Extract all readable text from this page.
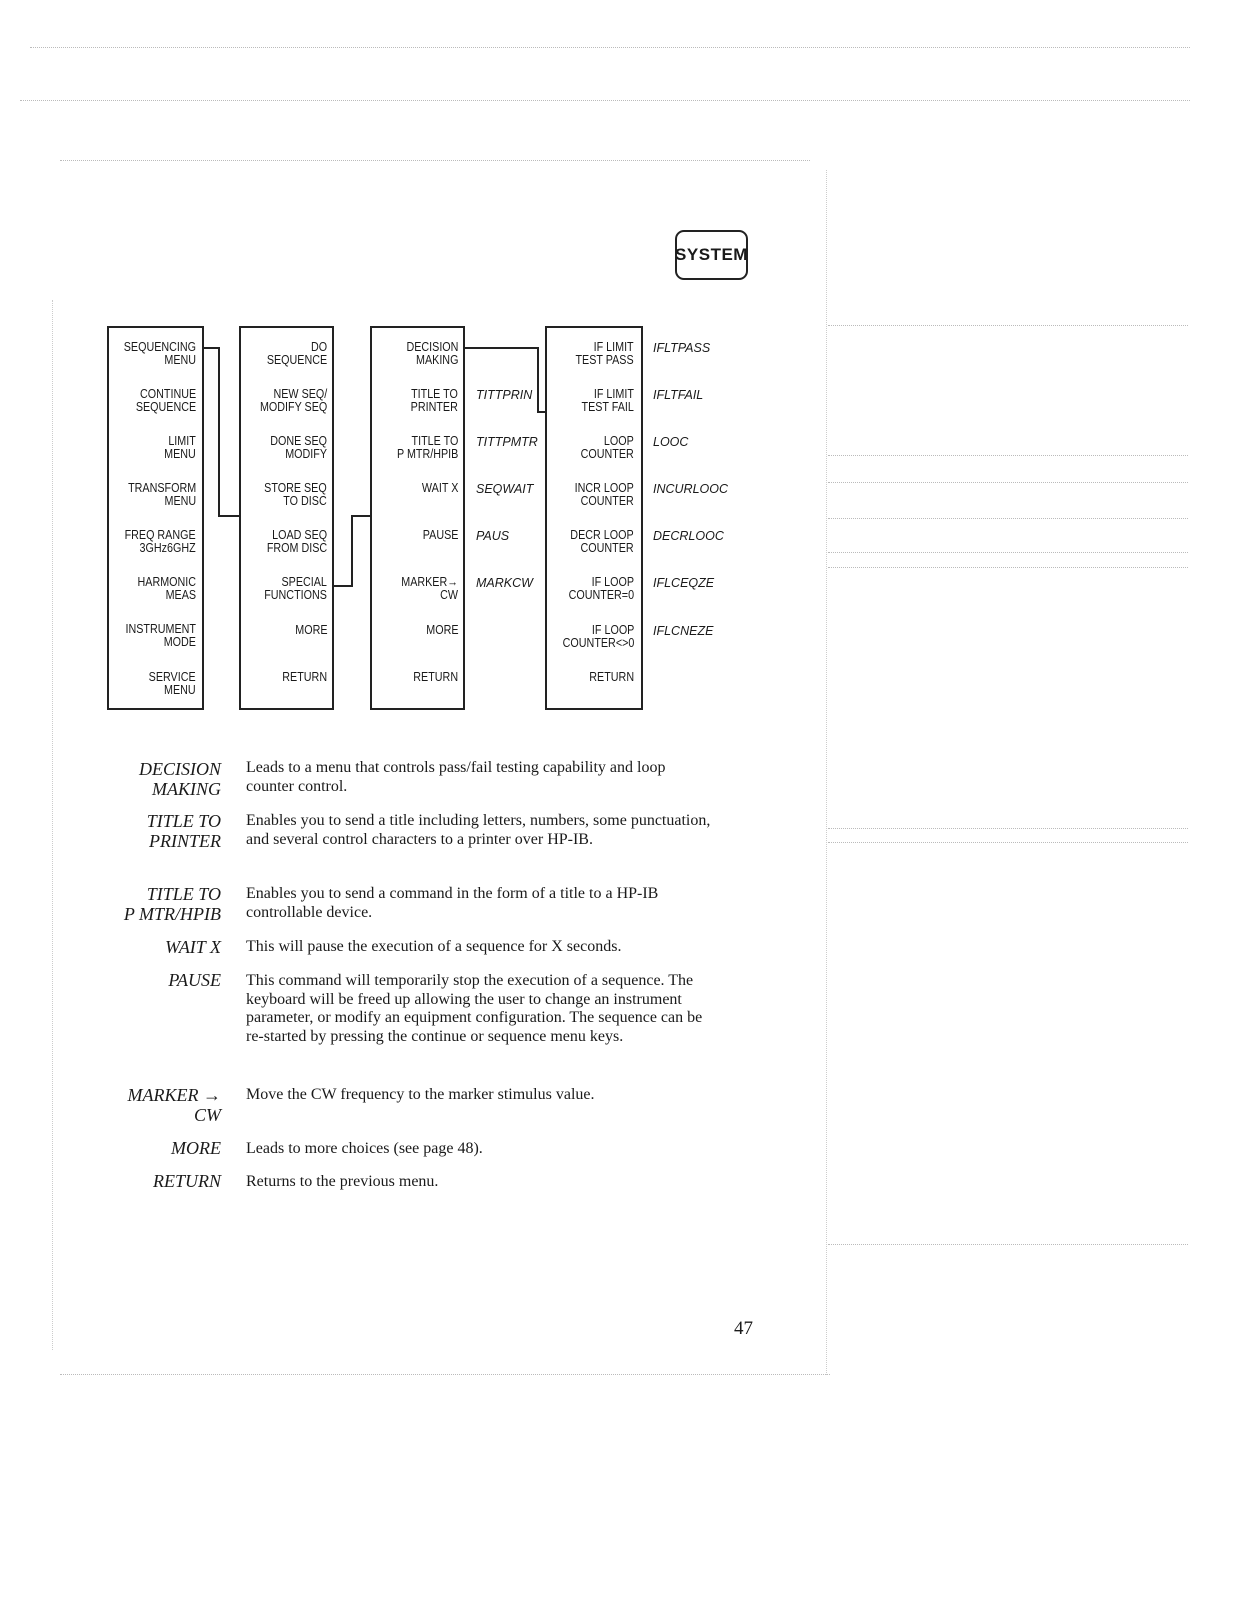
SYSTEM
SEQUENCING
MENU
CONTINUE
SEQUENCE
LIMIT
MENU
TRANSFORM
MENU
FREQ RANGE
3GHz6GHZ
HARMONIC
MEAS
INSTRUMENT
MODE
SERVICE
MENU
DO
SEQUENCE
NEW SEQ/
MODIFY SEQ
DONE SEQ
MODIFY
STORE SEQ
TO DISC
LOAD SEQ
FROM DISC
SPECIAL
FUNCTIONS
MORE
RETURN
DECISION
MAKING
TITLE TO
PRINTER
TITLE TO
P MTR/HPIB
WAIT X
PAUSE
MARKER→
CW
MORE
RETURN
TITTPRIN
TITTPMTR
SEQWAIT
PAUS
MARKCW
IF LIMIT
TEST PASS
IF LIMIT
TEST FAIL
LOOP
COUNTER
INCR LOOP
COUNTER
DECR LOOP
COUNTER
IF LOOP
COUNTER=0
IF LOOP
COUNTER<>0
RETURN
IFLTPASS
IFLTFAIL
LOOC
INCURLOOC
DECRLOOC
IFLCEQZE
IFLCNEZE
DECISION
MAKING
Leads to a menu that controls pass/fail testing capability and loop counter control.
TITLE TO
PRINTER
Enables you to send a title including letters, numbers, some punctuation, and several control characters to a printer over HP-IB.
TITLE TO
P MTR/HPIB
Enables you to send a command in the form of a title to a HP-IB controllable device.
WAIT X This will pause the execution of a sequence for X seconds.
PAUSE This command will temporarily stop the execution of a sequence. The keyboard will be freed up allowing the user to change an instrument parameter, or modify an equipment configuration. The sequence can be re-started by pressing the continue or sequence menu keys.
MARKER →
CW
Move the CW frequency to the marker stimulus value.
MORE Leads to more choices (see page 48).
RETURN Returns to the previous menu.
47
